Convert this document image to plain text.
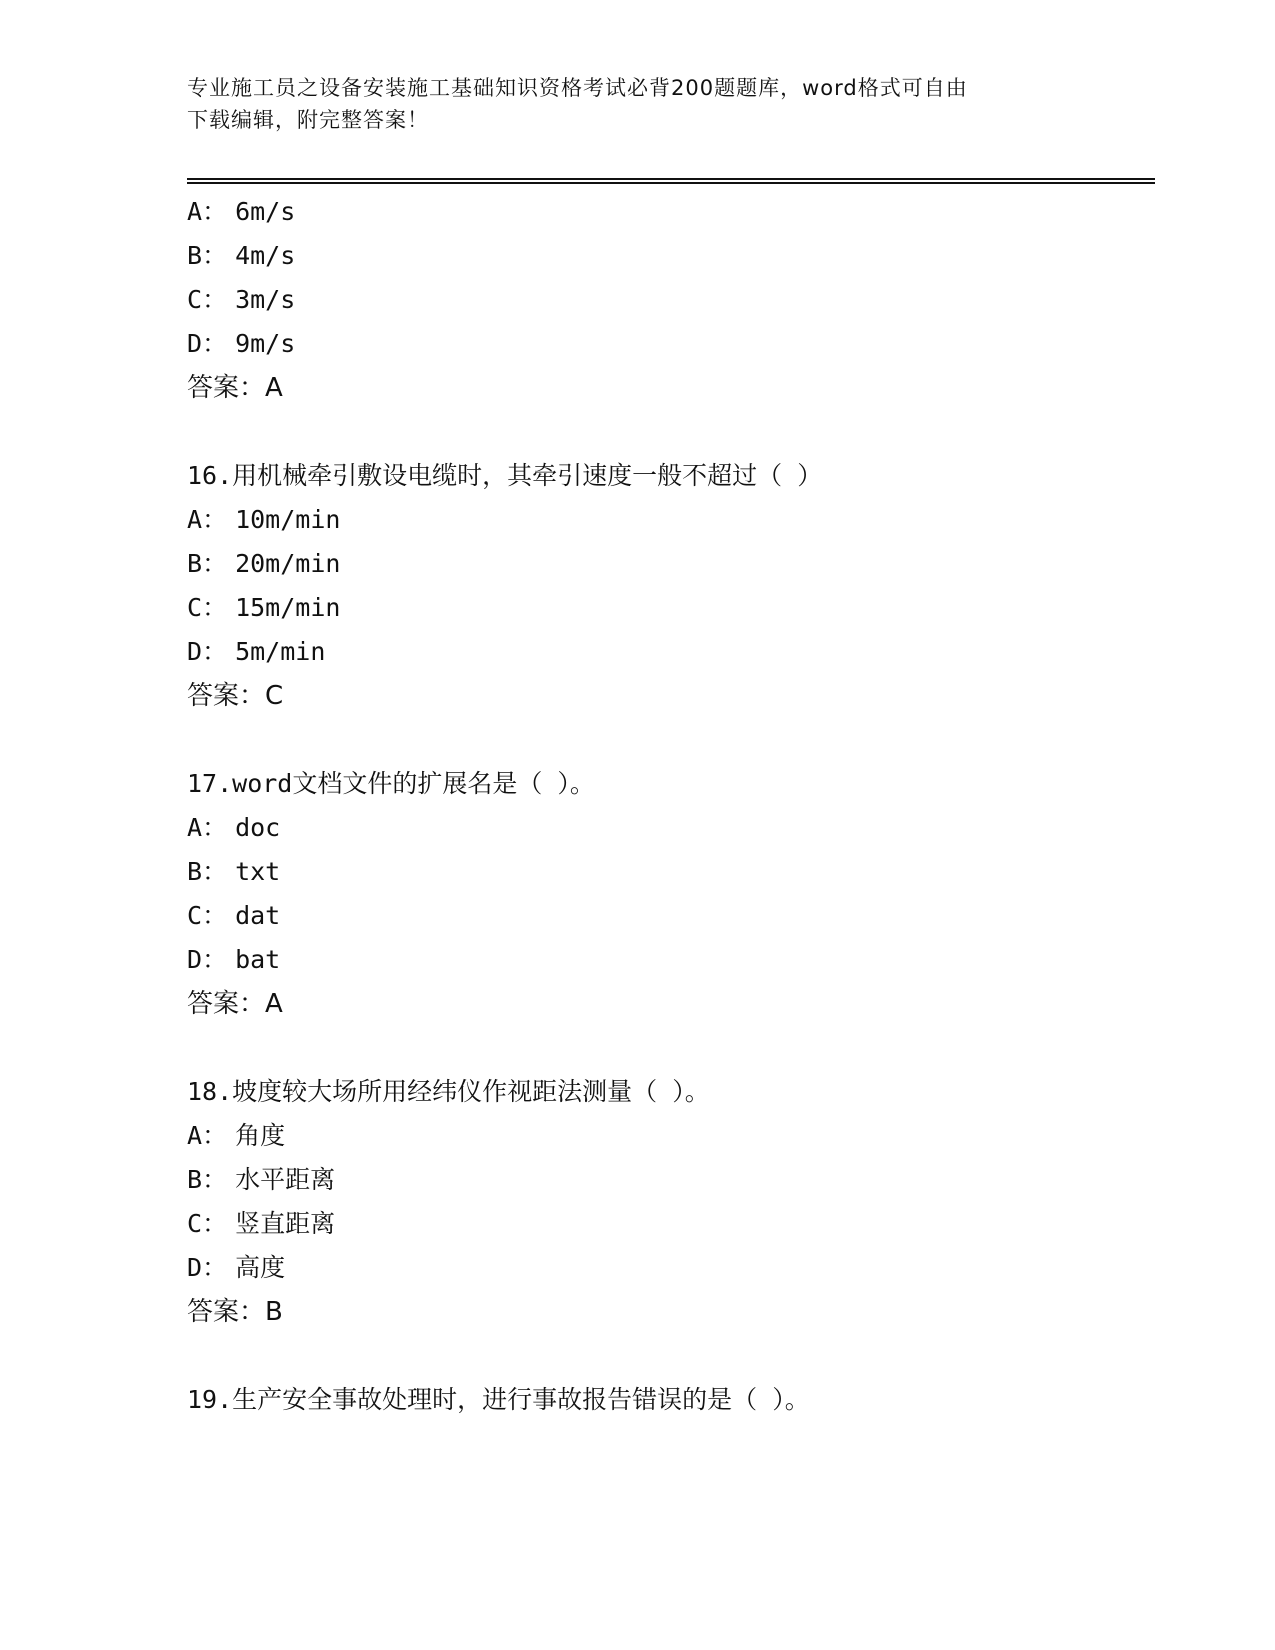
专业施工员之设备安装施工基础知识资格考试必背200题题库，word格式可自由
下载编辑，附完整答案！
A： 6m/s
B： 4m/s
C： 3m/s
D： 9m/s
答案：A
16.用机械牵引敷设电缆时，其牵引速度一般不超过（ ）
A： 10m/min
B： 20m/min
C： 15m/min
D： 5m/min
答案：C
17.word文档文件的扩展名是（ ）。
A： doc
B： txt
C： dat
D： bat
答案：A
18.坡度较大场所用经纬仪作视距法测量（ ）。
A： 角度
B： 水平距离
C： 竖直距离
D： 高度
答案：B
19.生产安全事故处理时，进行事故报告错误的是（ ）。
